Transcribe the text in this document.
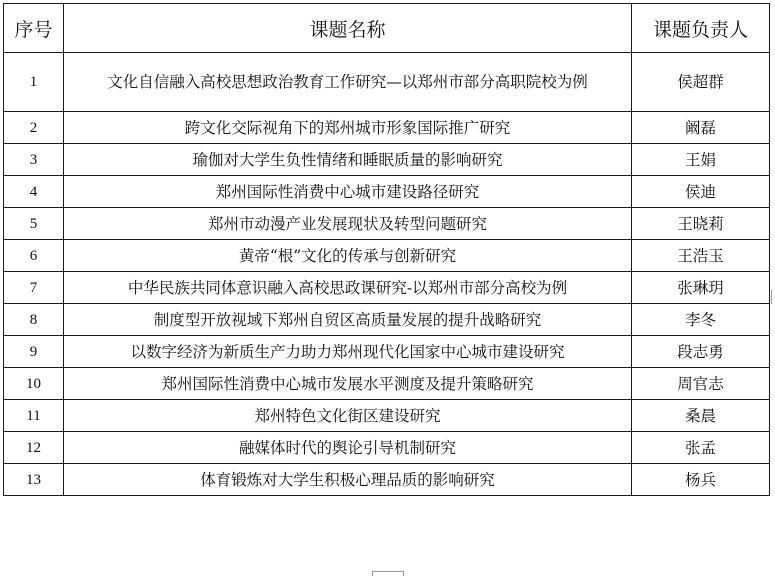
序号	课题名称	课题负责人
1	文化自信融入高校思想政治教育工作研究—以郑州市部分高职院校为例	侯超群
2	跨文化交际视角下的郑州城市形象国际推广研究	阚磊
3	瑜伽对大学生负性情绪和睡眠质量的影响研究	王娟
4	郑州国际性消费中心城市建设路径研究	侯迪
5	郑州市动漫产业发展现状及转型问题研究	王晓莉
6	黄帝“根”文化的传承与创新研究	王浩玉
7	中华民族共同体意识融入高校思政课研究-以郑州市部分高校为例	张琳玥
8	制度型开放视域下郑州自贸区高质量发展的提升战略研究	李冬
9	以数字经济为新质生产力助力郑州现代化国家中心城市建设研究	段志勇
10	郑州国际性消费中心城市发展水平测度及提升策略研究	周官志
11	郑州特色文化街区建设研究	桑晨
12	融媒体时代的舆论引导机制研究	张孟
13	体育锻炼对大学生积极心理品质的影响研究	杨兵
